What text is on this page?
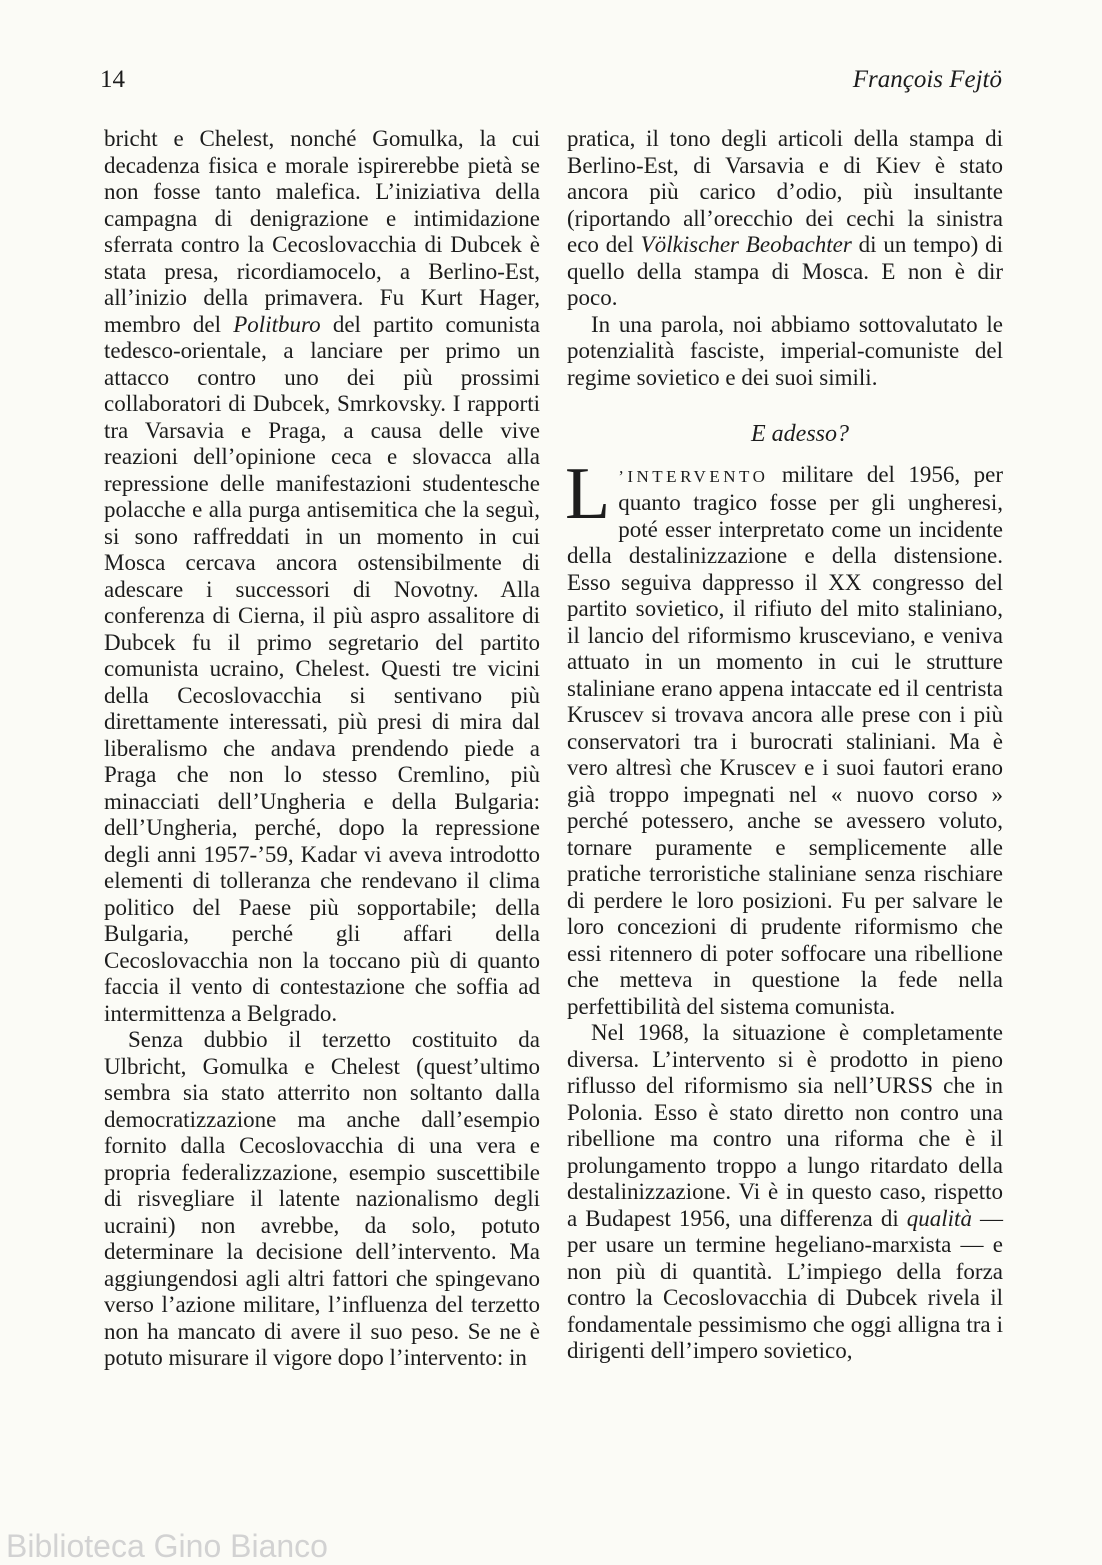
14	François Fejtö

bricht e Chelest, nonché Gomulka, la cui decadenza fisica e morale ispirerebbe pietà se non fosse tanto malefica. L’iniziativa della campagna di denigrazione e intimidazione sferrata contro la Cecoslovacchia di Dubcek è stata presa, ricordiamocelo, a Berlino-Est, all’inizio della primavera. Fu Kurt Hager, membro del Politburo del partito comunista tedesco-orientale, a lanciare per primo un attacco contro uno dei più prossimi collaboratori di Dubcek, Smrkovsky. I rapporti tra Varsavia e Praga, a causa delle vive reazioni dell’opinione ceca e slovacca alla repressione delle manifestazioni studentesche polacche e alla purga antisemitica che la seguì, si sono raffreddati in un momento in cui Mosca cercava ancora ostensibilmente di adescare i successori di Novotny. Alla conferenza di Cierna, il più aspro assalitore di Dubcek fu il primo segretario del partito comunista ucraino, Chelest. Questi tre vicini della Cecoslovacchia si sentivano più direttamente interessati, più presi di mira dal liberalismo che andava prendendo piede a Praga che non lo stesso Cremlino, più minacciati dell’Ungheria e della Bulgaria: dell’Ungheria, perché, dopo la repressione degli anni 1957-’59, Kadar vi aveva introdotto elementi di tolleranza che rendevano il clima politico del Paese più sopportabile; della Bulgaria, perché gli affari della Cecoslovacchia non la toccano più di quanto faccia il vento di contestazione che soffia ad intermittenza a Belgrado.

Senza dubbio il terzetto costituito da Ulbricht, Gomulka e Chelest (quest’ultimo sembra sia stato atterrito non soltanto dalla democratizzazione ma anche dall’esempio fornito dalla Cecoslovacchia di una vera e propria federalizzazione, esempio suscettibile di risvegliare il latente nazionalismo degli ucraini) non avrebbe, da solo, potuto determinare la decisione dell’intervento. Ma aggiungendosi agli altri fattori che spingevano verso l’azione militare, l’influenza del terzetto non ha mancato di avere il suo peso. Se ne è potuto misurare il vigore dopo l’intervento: in

pratica, il tono degli articoli della stampa di Berlino-Est, di Varsavia e di Kiev è stato ancora più carico d’odio, più insultante (riportando all’orecchio dei cechi la sinistra eco del Völkischer Beobachter di un tempo) di quello della stampa di Mosca. E non è dir poco.

In una parola, noi abbiamo sottovalutato le potenzialità fasciste, imperial-comuniste del regime sovietico e dei suoi simili.

E adesso?

L ’INTERVENTO militare del 1956, per quanto tragico fosse per gli ungheresi, poté esser interpretato come un incidente della destalinizzazione e della distensione. Esso seguiva dappresso il XX congresso del partito sovietico, il rifiuto del mito staliniano, il lancio del riformismo krusceviano, e veniva attuato in un momento in cui le strutture staliniane erano appena intaccate ed il centrista Kruscev si trovava ancora alle prese con i più conservatori tra i burocrati staliniani. Ma è vero altresì che Kruscev e i suoi fautori erano già troppo impegnati nel « nuovo corso » perché potessero, anche se avessero voluto, tornare puramente e semplicemente alle pratiche terroristiche staliniane senza rischiare di perdere le loro posizioni. Fu per salvare le loro concezioni di prudente riformismo che essi ritennero di poter soffocare una ribellione che metteva in questione la fede nella perfettibilità del sistema comunista.

Nel 1968, la situazione è completamente diversa. L’intervento si è prodotto in pieno riflusso del riformismo sia nell’URSS che in Polonia. Esso è stato diretto non contro una ribellione ma contro una riforma che è il prolungamento troppo a lungo ritardato della destalinizzazione. Vi è in questo caso, rispetto a Budapest 1956, una differenza di qualità — per usare un termine hegeliano-marxista — e non più di quantità. L’impiego della forza contro la Cecoslovacchia di Dubcek rivela il fondamentale pessimismo che oggi alligna tra i dirigenti dell’impero sovietico,

Biblioteca Gino Bianco
